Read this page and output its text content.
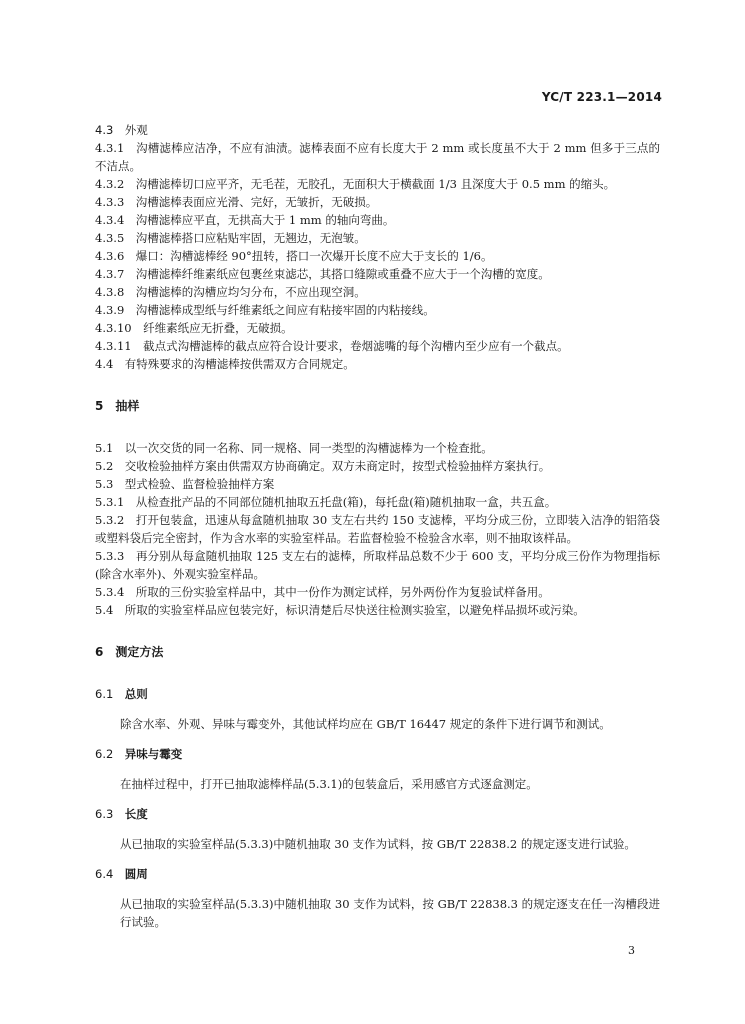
YC/T 223.1—2014

4.3　外观

4.3.1　 沟槽滤棒应洁净，不应有油渍。滤棒表面不应有长度大于 2 mm 或长度虽不大于 2 mm 但多于三点的不洁点。

4.3.2　 沟槽滤棒切口应平齐，无毛茬，无胶孔，无面积大于横截面 1/3 且深度大于 0.5 mm 的缩头。

4.3.3　 沟槽滤棒表面应光滑、完好，无皱折，无破损。

4.3.4　 沟槽滤棒应平直，无拱高大于 1 mm 的轴向弯曲。

4.3.5　 沟槽滤棒搭口应粘贴牢固，无翘边，无泡皱。

4.3.6　 爆口：沟槽滤棒经 90°扭转，搭口一次爆开长度不应大于支长的 1/6。

4.3.7　 沟槽滤棒纤维素纸应包裹丝束滤芯，其搭口缝隙或重叠不应大于一个沟槽的宽度。

4.3.8　 沟槽滤棒的沟槽应均匀分布，不应出现空洞。

4.3.9　 沟槽滤棒成型纸与纤维素纸之间应有粘接牢固的内粘接线。

4.3.10　 纤维素纸应无折叠，无破损。

4.3.11　 截点式沟槽滤棒的截点应符合设计要求，卷烟滤嘴的每个沟槽内至少应有一个截点。

4.4　 有特殊要求的沟槽滤棒按供需双方合同规定。

5　抽样

5.1　 以一次交货的同一名称、同一规格、同一类型的沟槽滤棒为一个检查批。

5.2　 交收检验抽样方案由供需双方协商确定。双方未商定时，按型式检验抽样方案执行。

5.3　 型式检验、监督检验抽样方案

5.3.1　 从检查批产品的不同部位随机抽取五托盘(箱)，每托盘(箱)随机抽取一盒，共五盒。

5.3.2　 打开包装盒，迅速从每盒随机抽取 30 支左右共约 150 支滤棒，平均分成三份，立即装入洁净的铝箔袋或塑料袋后完全密封，作为含水率的实验室样品。若监督检验不检验含水率，则不抽取该样品。

5.3.3　 再分别从每盒随机抽取 125 支左右的滤棒，所取样品总数不少于 600 支，平均分成三份作为物理指标(除含水率外)、外观实验室样品。

5.3.4　 所取的三份实验室样品中，其中一份作为测定试样，另外两份作为复验试样备用。

5.4　 所取的实验室样品应包装完好，标识清楚后尽快送往检测实验室，以避免样品损坏或污染。

6　测定方法

6.1　 总则

除含水率、外观、异味与霉变外，其他试样均应在 GB/T 16447 规定的条件下进行调节和测试。

6.2　 异味与霉变

在抽样过程中，打开已抽取滤棒样品(5.3.1)的包装盒后，采用感官方式逐盒测定。

6.3　 长度

从已抽取的实验室样品(5.3.3)中随机抽取 30 支作为试料，按 GB/T 22838.2 的规定逐支进行试验。

6.4　 圆周

从已抽取的实验室样品(5.3.3)中随机抽取 30 支作为试料，按 GB/T 22838.3 的规定逐支在任一沟槽段进行试验。

3
